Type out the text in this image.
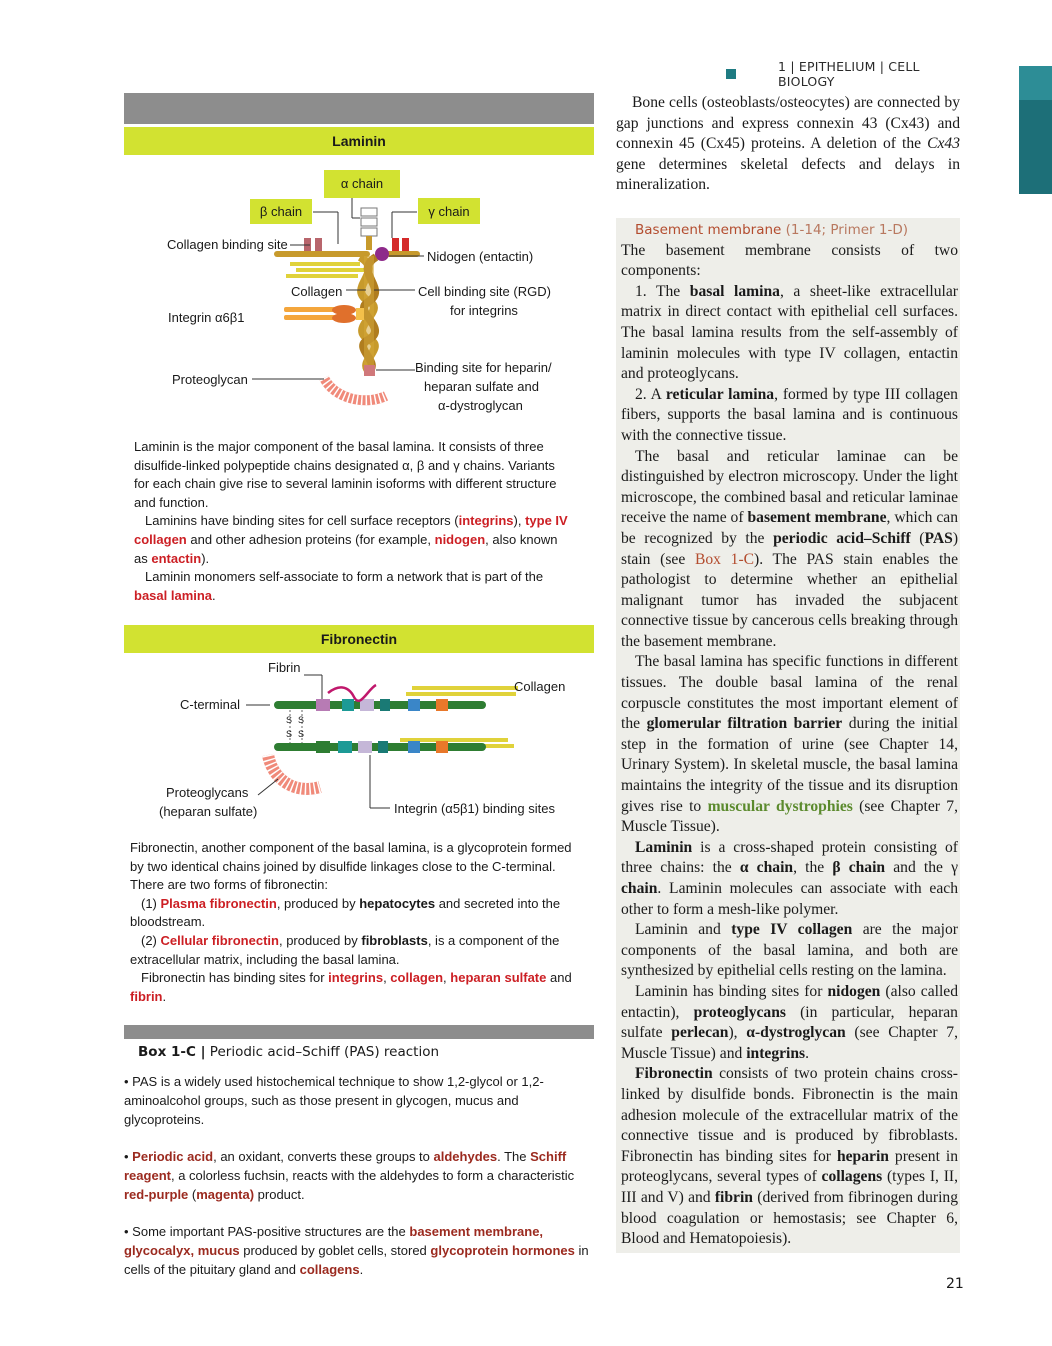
1 | EPITHELIUM | CELL BIOLOGY
Laminin
α chain
β chain	γ chain
Collagen binding site
Nidogen (entactin)
Collagen	Cell binding site (RGD)
for integrins
Integrin α6β1
Proteoglycan
Binding site for heparin/
heparan sulfate and
α-dystroglycan

Laminin is the major component of the basal lamina. It consists of three disulfide-linked polypeptide chains designated α, β and γ chains. Variants for each chain give rise to several laminin isoforms with different structure and function.

Laminins have binding sites for cell surface receptors (integrins), type IV collagen and other adhesion proteins (for example, nidogen, also known as entactin).

Laminin monomers self-associate to form a network that is part of the basal lamina.

Fibronectin
S S
S S
Fibrin
Collagen
C-terminal
Proteoglycans
(heparan sulfate)	Integrin (α5β1) binding sites

Fibronectin, another component of the basal lamina, is a glycoprotein formed by two identical chains joined by disulfide linkages close to the C-terminal. There are two forms of fibronectin:

(1) Plasma fibronectin, produced by hepatocytes and secreted into the bloodstream.

(2) Cellular fibronectin, produced by fibroblasts, is a component of the extracellular matrix, including the basal lamina.

Fibronectin has binding sites for integrins, collagen, heparan sulfate and fibrin.

Box 1-C | Periodic acid–Schiff (PAS) reaction

• PAS is a widely used histochemical technique to show 1,2-glycol or 1,2-aminoalcohol groups, such as those present in glycogen, mucus and glycoproteins.

• Periodic acid, an oxidant, converts these groups to aldehydes. The Schiff reagent, a colorless fuchsin, reacts with the aldehydes to form a characteristic red-purple (magenta) product.

• Some important PAS-positive structures are the basement membrane, glycocalyx, mucus produced by goblet cells, stored glycoprotein hormones in cells of the pituitary gland and collagens.

Bone cells (osteoblasts/osteocytes) are connected by gap junctions and express connexin 43 (Cx43) and connexin 45 (Cx45) proteins. A deletion of the Cx43 gene determines skeletal defects and delays in mineralization.

Basement membrane (1-14; Primer 1-D)

The basement membrane consists of two components:

1. The basal lamina, a sheet-like extracellular matrix in direct contact with epithelial cell surfaces. The basal lamina results from the self-assembly of laminin molecules with type IV collagen, entactin and proteoglycans.

2. A reticular lamina, formed by type III collagen fibers, supports the basal lamina and is continuous with the connective tissue.

The basal and reticular laminae can be distinguished by electron microscopy. Under the light microscope, the combined basal and reticular laminae receive the name of basement membrane, which can be recognized by the periodic acid–Schiff (PAS) stain (see Box 1-C). The PAS stain enables the pathologist to determine whether an epithelial malignant tumor has invaded the subjacent connective tissue by cancerous cells breaking through the basement membrane.

The basal lamina has specific functions in different tissues. The double basal lamina of the renal corpuscle constitutes the most important element of the glomerular filtration barrier during the initial step in the formation of urine (see Chapter 14, Urinary System). In skeletal muscle, the basal lamina maintains the integrity of the tissue and its disruption gives rise to muscular dystrophies (see Chapter 7, Muscle Tissue).

Laminin is a cross-shaped protein consisting of three chains: the α chain, the β chain and the γ chain. Laminin molecules can associate with each other to form a mesh-like polymer.

Laminin and type IV collagen are the major components of the basal lamina, and both are synthesized by epithelial cells resting on the lamina.

Laminin has binding sites for nidogen (also called entactin), proteoglycans (in particular, heparan sulfate perlecan), α-dystroglycan (see Chapter 7, Muscle Tissue) and integrins.

Fibronectin consists of two protein chains cross-linked by disulfide bonds. Fibronectin is the main adhesion molecule of the extracellular matrix of the connective tissue and is produced by fibroblasts. Fibronectin has binding sites for heparin present in proteoglycans, several types of collagens (types I, II, III and V) and fibrin (derived from fibrinogen during blood coagulation or hemostasis; see Chapter 6, Blood and Hematopoiesis).

21
